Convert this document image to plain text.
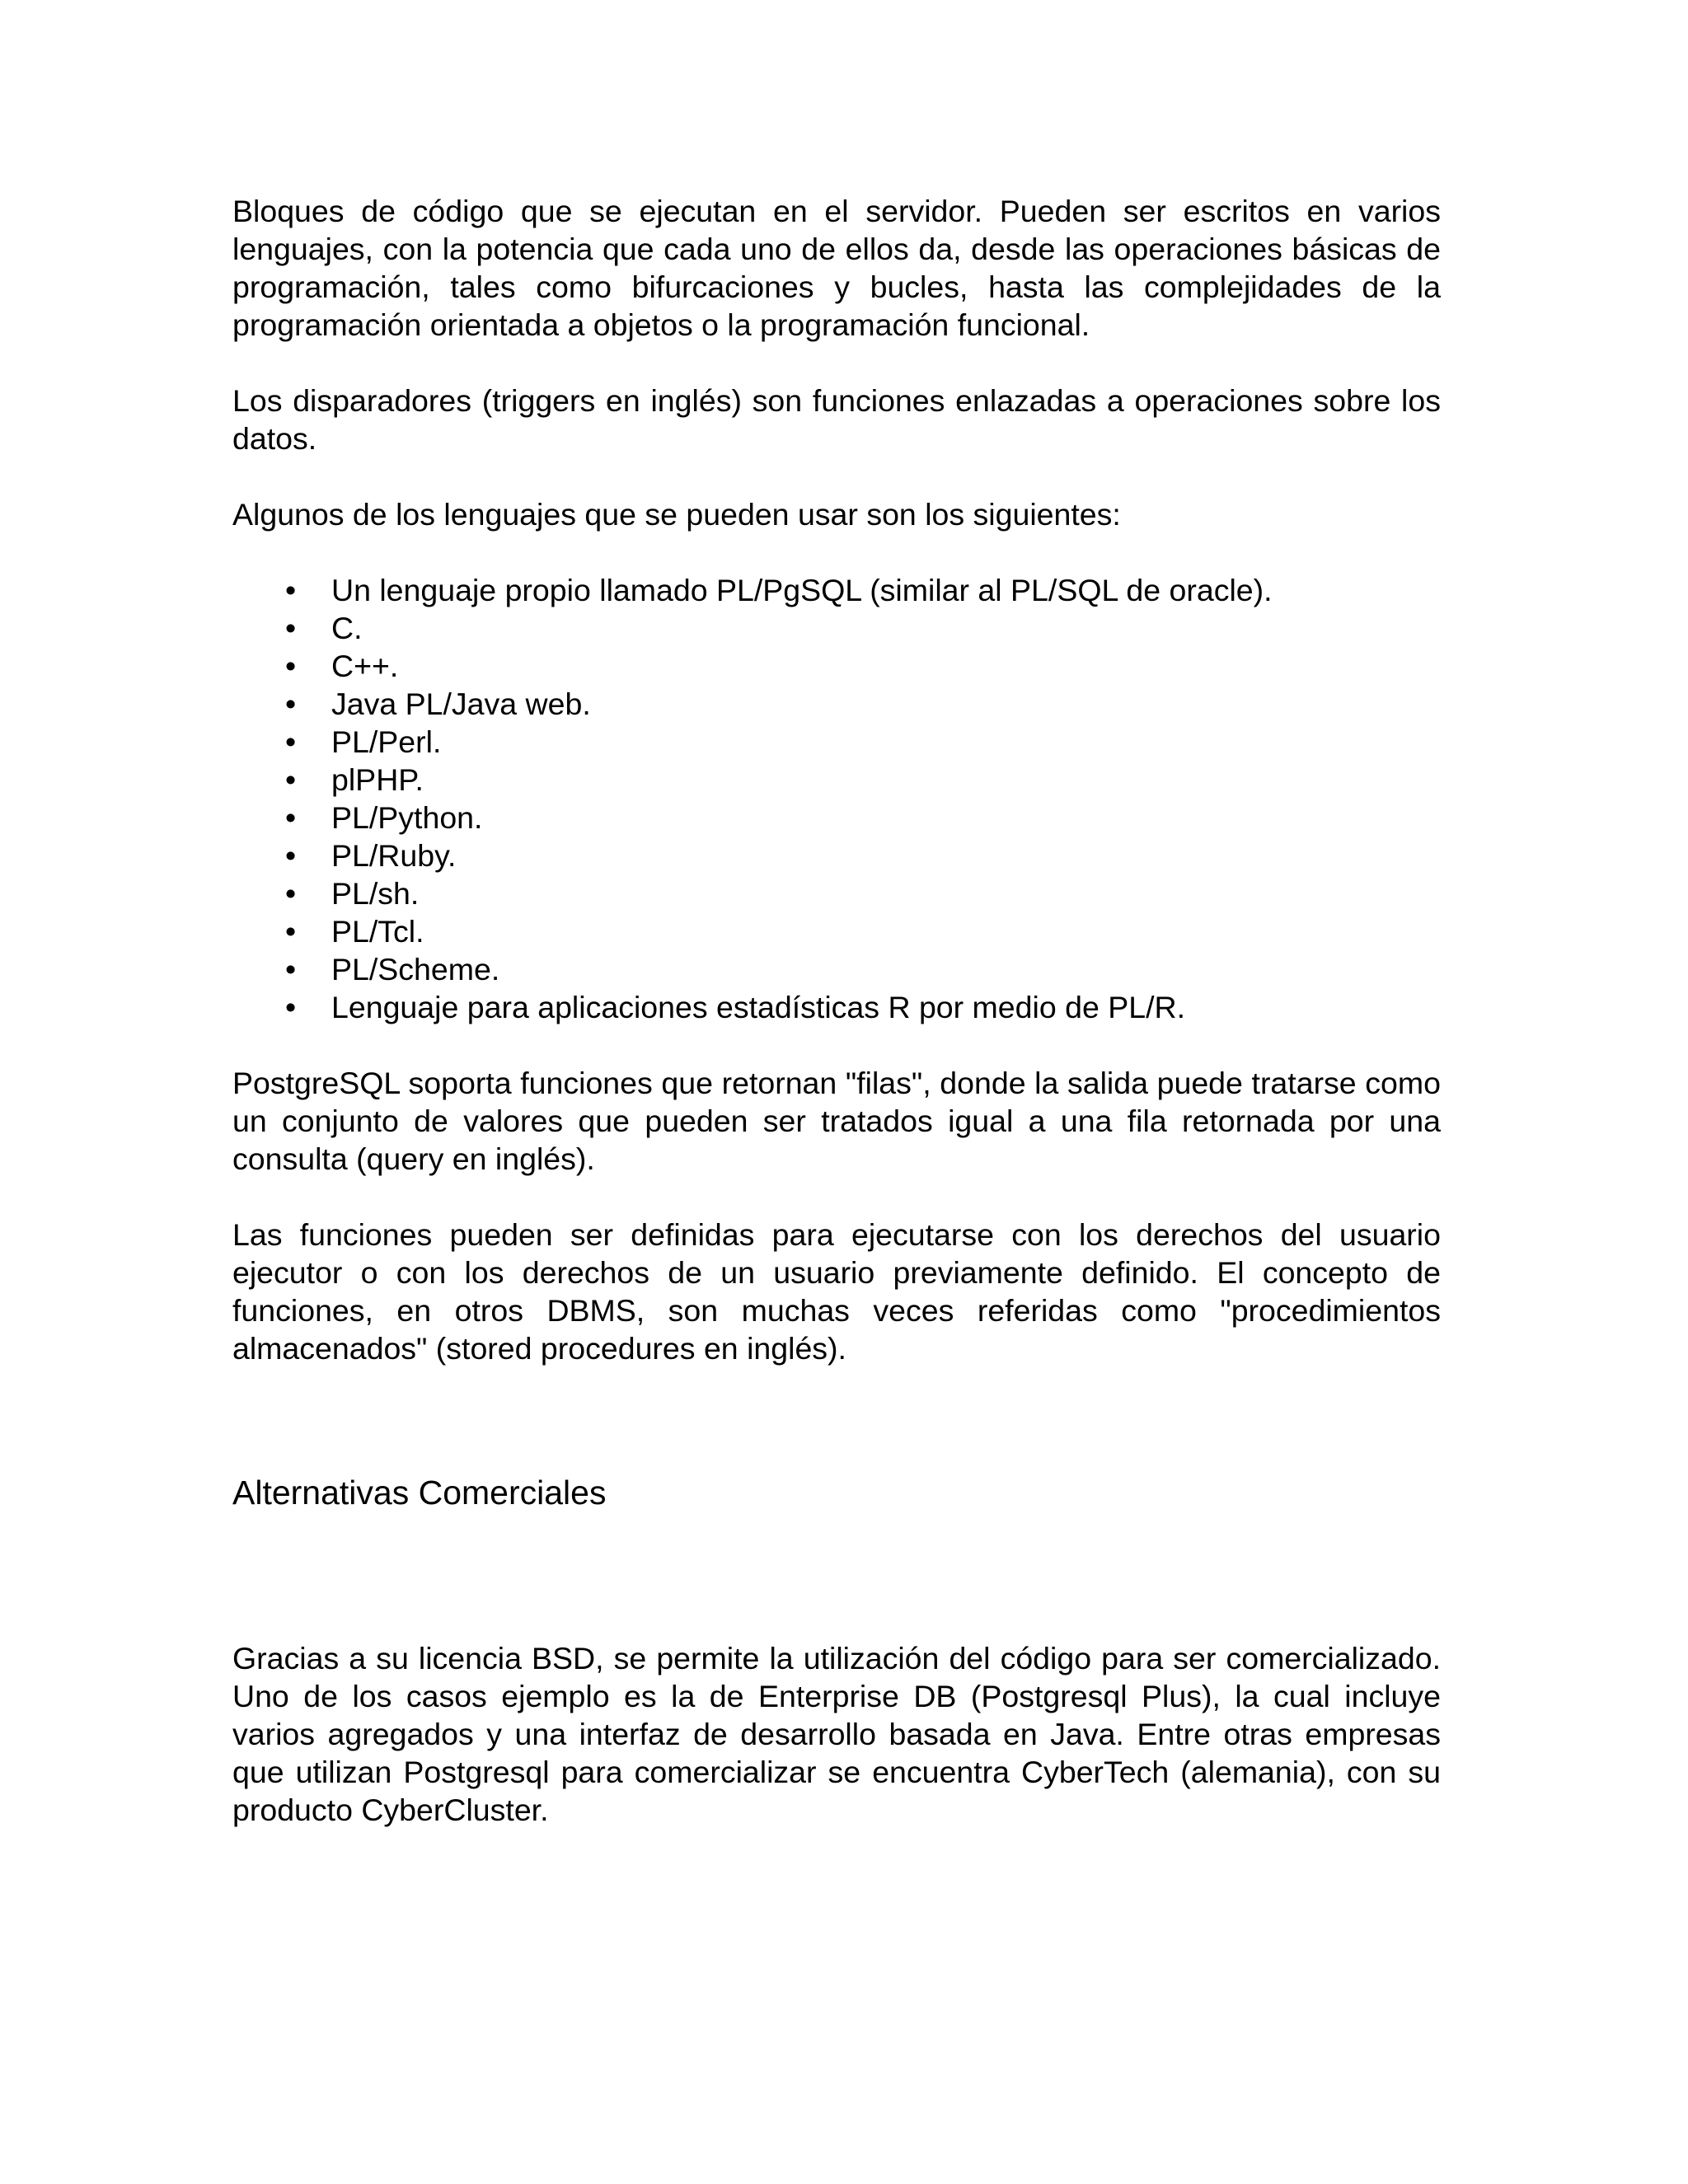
Bloques de código que se ejecutan en el servidor. Pueden ser escritos en varios lenguajes, con la potencia que cada uno de ellos da, desde las operaciones básicas de programación, tales como bifurcaciones y bucles, hasta las complejidades de la programación orientada a objetos o la programación funcional.

Los disparadores (triggers en inglés) son funciones enlazadas a operaciones sobre los datos.

Algunos de los lenguajes que se pueden usar son los siguientes:

• Un lenguaje propio llamado PL/PgSQL (similar al PL/SQL de oracle).
• C.
• C++.
• Java PL/Java web.
• PL/Perl.
• plPHP.
• PL/Python.
• PL/Ruby.
• PL/sh.
• PL/Tcl.
• PL/Scheme.
• Lenguaje para aplicaciones estadísticas R por medio de PL/R.

PostgreSQL soporta funciones que retornan "filas", donde la salida puede tratarse como un conjunto de valores que pueden ser tratados igual a una fila retornada por una consulta (query en inglés).

Las funciones pueden ser definidas para ejecutarse con los derechos del usuario ejecutor o con los derechos de un usuario previamente definido. El concepto de funciones, en otros DBMS, son muchas veces referidas como "procedimientos almacenados" (stored procedures en inglés).

Alternativas Comerciales

Gracias a su licencia BSD, se permite la utilización del código para ser comercializado. Uno de los casos ejemplo es la de Enterprise DB (Postgresql Plus), la cual incluye varios agregados y una interfaz de desarrollo basada en Java. Entre otras empresas que utilizan Postgresql para comercializar se encuentra CyberTech (alemania), con su producto CyberCluster.
